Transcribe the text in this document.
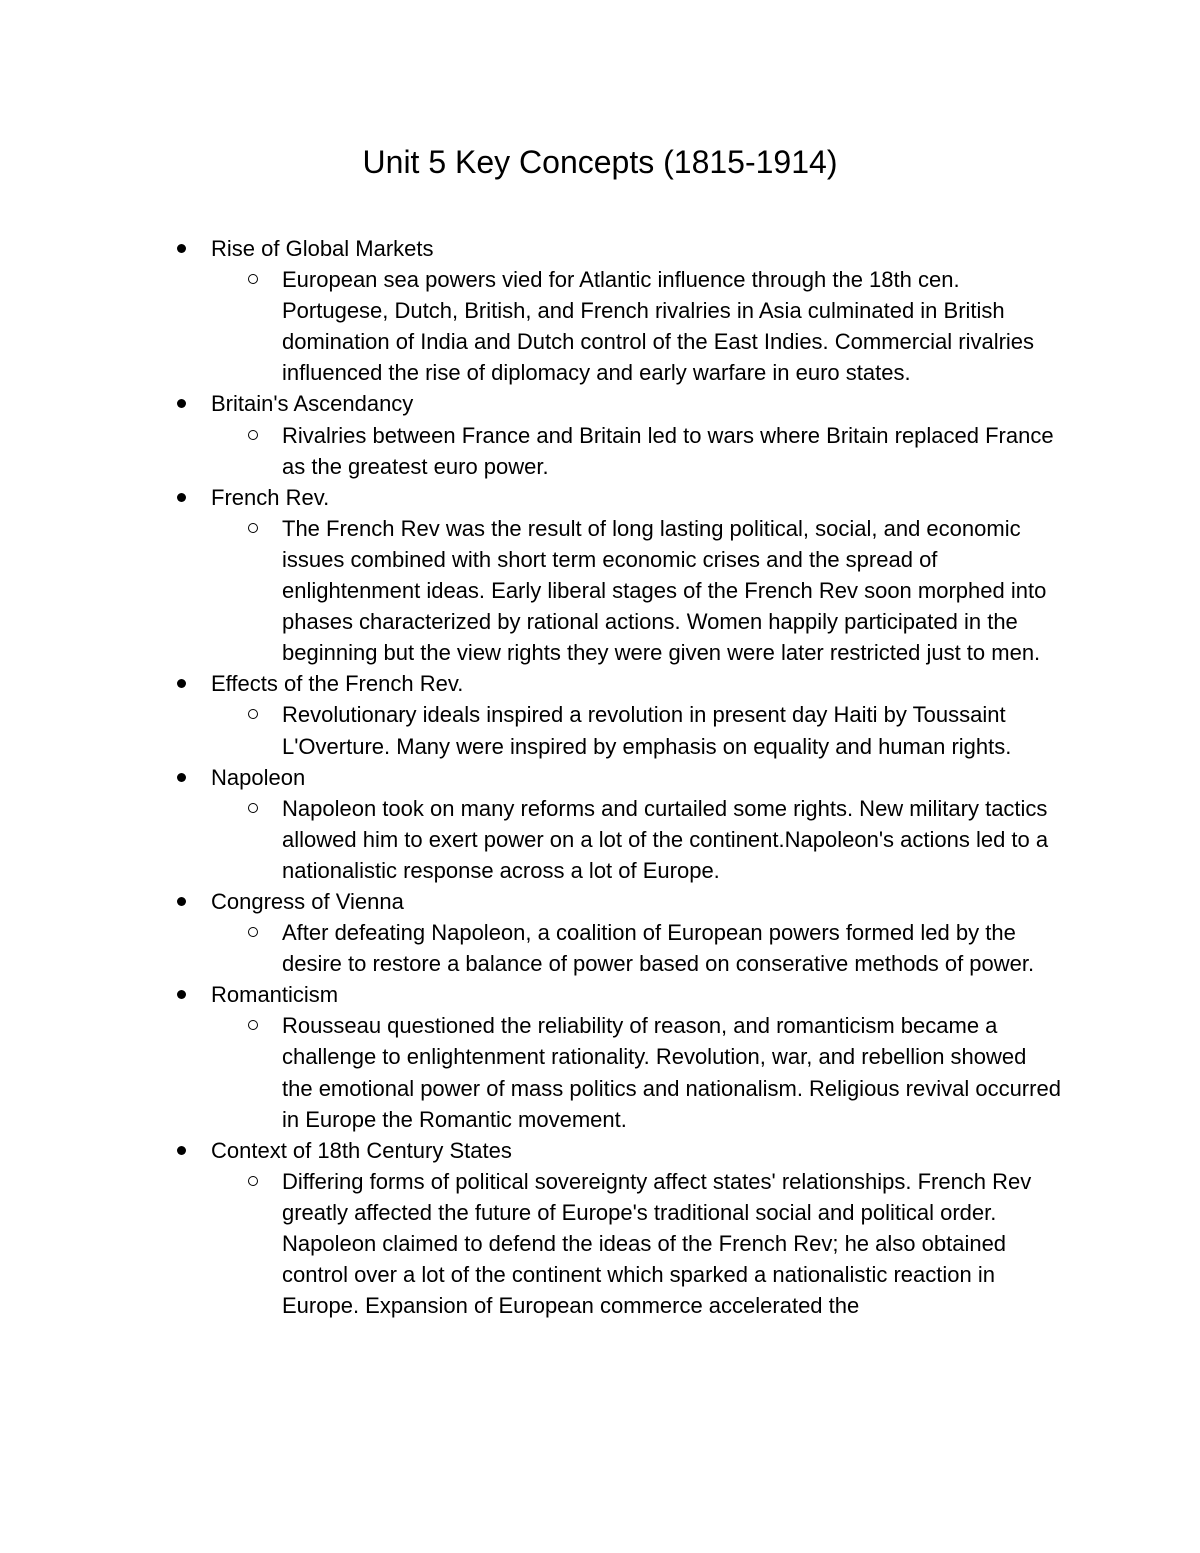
Unit 5 Key Concepts (1815-1914)
Rise of Global Markets
European sea powers vied for Atlantic influence through the 18th cen. Portugese, Dutch, British, and French rivalries in Asia culminated in British domination of India and Dutch control of the East Indies. Commercial rivalries influenced the rise of diplomacy and early warfare in euro states.
Britain's Ascendancy
Rivalries between France and Britain led to wars where Britain replaced France as the greatest euro power.
French Rev.
The French Rev was the result of long lasting political, social, and economic issues combined with short term economic crises and the spread of enlightenment ideas. Early liberal stages of the French Rev soon morphed into phases characterized by rational actions. Women happily participated in the beginning but the view rights they were given were later restricted just to men.
Effects of the French Rev.
Revolutionary ideals inspired a revolution in present day Haiti by Toussaint L'Overture. Many were inspired by emphasis on equality and human rights.
Napoleon
Napoleon took on many reforms and curtailed some rights. New military tactics allowed him to exert power on a lot of the continent.Napoleon's actions led to a nationalistic response across a lot of Europe.
Congress of Vienna
After defeating Napoleon, a coalition of European powers formed led by the desire to restore a balance of power based on conserative methods of power.
Romanticism
Rousseau questioned the reliability of reason, and romanticism became a challenge to enlightenment rationality. Revolution, war, and rebellion showed the emotional power of mass politics and nationalism. Religious revival occurred in Europe the Romantic movement.
Context of 18th Century States
Differing forms of political sovereignty affect states' relationships. French Rev greatly affected the future of Europe's traditional social and political order. Napoleon claimed to defend the ideas of the French Rev; he also obtained control over a lot of the continent which sparked a nationalistic reaction in Europe. Expansion of European commerce accelerated the
